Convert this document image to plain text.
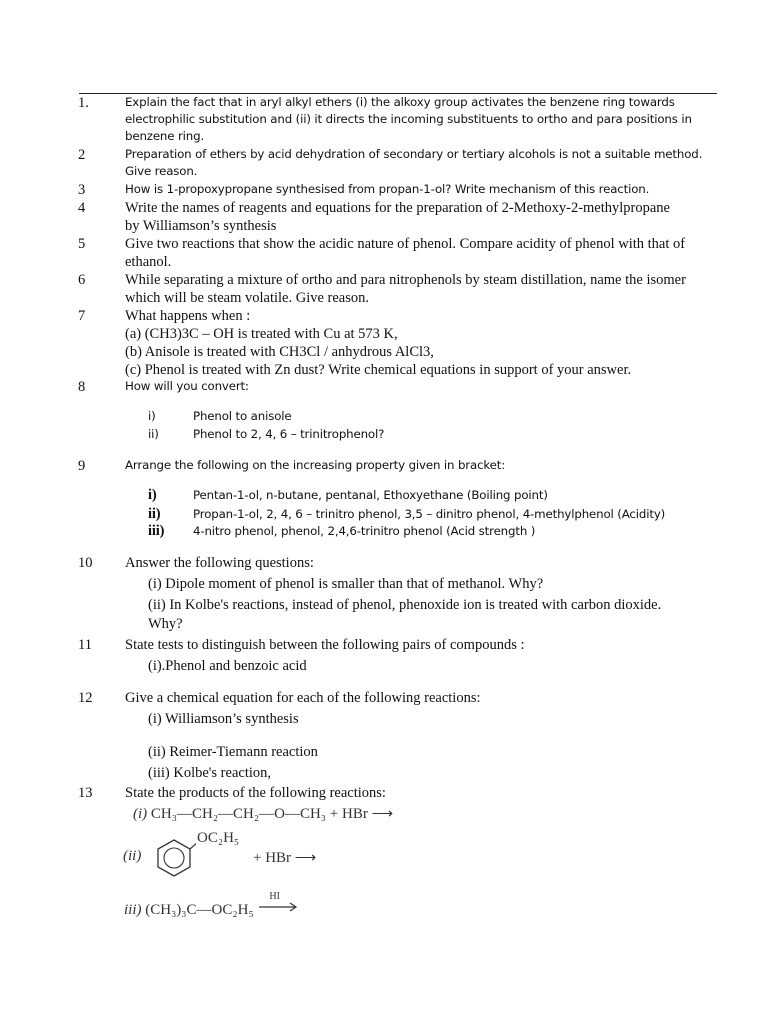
1.	Explain the fact that in aryl alkyl ethers (i) the alkoxy group activates the benzene ring towards
electrophilic substitution and (ii) it directs the incoming substituents to ortho and para positions in
benzene ring.
2	Preparation of ethers by acid dehydration of secondary or tertiary alcohols is not a suitable method.
Give reason.
3	How is 1-propoxypropane synthesised from propan-1-ol? Write mechanism of this reaction.
4	Write the names of reagents and equations for the preparation of 2-Methoxy-2-methylpropane
by Williamson’s synthesis
5	Give two reactions that show the acidic nature of phenol. Compare acidity of phenol with that of
ethanol.
6	While separating a mixture of ortho and para nitrophenols by steam distillation, name the isomer
which will be steam volatile. Give reason.
7	What happens when :
(a) (CH3)3C – OH is treated with Cu at 573 K,
(b) Anisole is treated with CH3Cl / anhydrous AlCl3,
(c) Phenol is treated with Zn dust? Write chemical equations in support of your answer.
8	How will you convert:
i)	Phenol to anisole
ii)	Phenol to 2, 4, 6 – trinitrophenol?
9	Arrange the following on the increasing property given in bracket:
i)	Pentan-1-ol, n-butane, pentanal, Ethoxyethane (Boiling point)
ii)	Propan-1-ol, 2, 4, 6 – trinitro phenol, 3,5 – dinitro phenol, 4-methylphenol (Acidity)
iii) 4-nitro phenol, phenol, 2,4,6-trinitro phenol (Acid strength )
10	Answer the following questions:
(i) Dipole moment of phenol is smaller than that of methanol. Why?
(ii) In Kolbe's reactions, instead of phenol, phenoxide ion is treated with carbon dioxide.
Why?
11	State tests to distinguish between the following pairs of compounds :
(i).Phenol and benzoic acid
12	Give a chemical equation for each of the following reactions:
(i) Williamson’s synthesis
(ii) Reimer-Tiemann reaction
(iii) Kolbe's reaction,
13	State the products of the following reactions:
(i) CH₃—CH₂—CH₂—O—CH₃ + HBr ⟶
(ii)
OC₂H₅
+ HBr ⟶
iii) (CH₃)₃C—OC₂H₅
HI
